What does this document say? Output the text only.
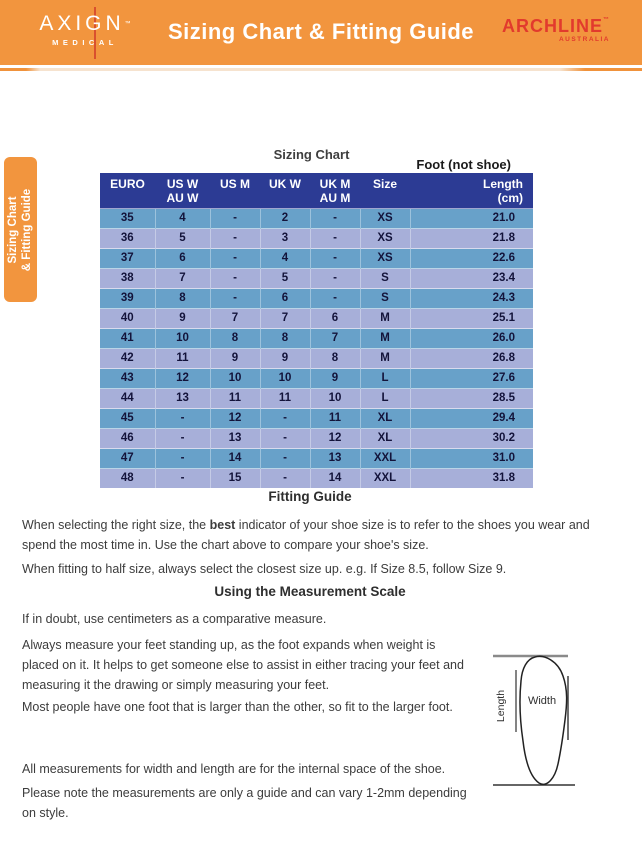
AXIGN™
MEDICAL	Sizing Chart & Fitting Guide	ARCHLINE™
AUSTRALIA
Sizing Chart & Fitting Guide
Sizing Chart
Foot (not shoe)
EURO	US W
AU W

US M	UK W	UK M
AU M

Size	Length
(cm)

35	4	-	2	-	XS	21.0
36	5	-	3	-	XS	21.8
37	6	-	4	-	XS	22.6
38	7	-	5	-	S	23.4
39	8	-	6	-	S	24.3
40	9	7	7	6	M	25.1
41	10	8	8	7	M	26.0
42	11	9	9	8	M	26.8
43	12	10	10	9	L	27.6
44	13	11	11	10	L	28.5
45	-	12	-	11	XL	29.4
46	-	13	-	12	XL	30.2
47	-	14	-	13	XXL	31.0
48	-	15	-	14	XXL	31.8
Fitting Guide
When selecting the right size, the best indicator of your shoe size is to refer to the shoes you wear and spend the most time in. Use the chart above to compare your shoe's size.
When fitting to half size, always select the closest size up. e.g. If Size 8.5, follow Size 9.
Using the Measurement Scale
If in doubt, use centimeters as a comparative measure.
Always measure your feet standing up, as the foot expands when weight is placed on it. It helps to get someone else to assist in either tracing your feet and measuring it the drawing or simply measuring your feet.
Most people have one foot that is larger than the other, so fit to the larger foot.
All measurements for width and length are for the internal space of the shoe.
Please note the measurements are only a guide and can vary 1-2mm depending on style.
Width
Length
